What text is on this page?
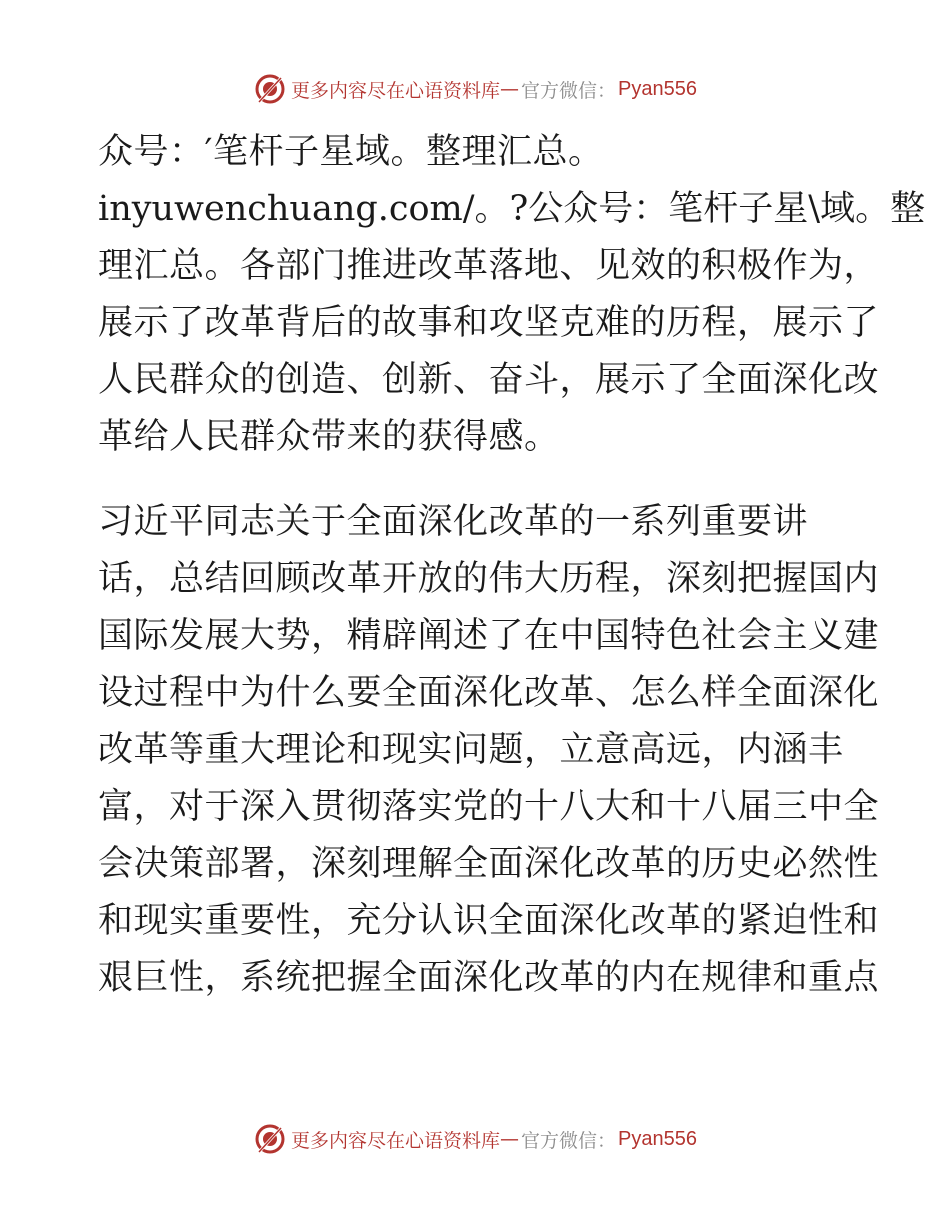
更多内容尽在心语资料库 — 官方微信： Pyan556
众号：′笔杆子星域。整理汇总。
inyuwenchuang.com/。?公众号：笔杆子星\域。整
理汇总。各部门推进改革落地、见效的积极作为，
展示了改革背后的故事和攻坚克难的历程，展示了
人民群众的创造、创新、奋斗，展示了全面深化改
革给人民群众带来的获得感。
习近平同志关于全面深化改革的一系列重要讲
话，总结回顾改革开放的伟大历程，深刻把握国内
国际发展大势，精辟阐述了在中国特色社会主义建
设过程中为什么要全面深化改革、怎么样全面深化
改革等重大理论和现实问题，立意高远，内涵丰
富，对于深入贯彻落实党的十八大和十八届三中全
会决策部署，深刻理解全面深化改革的历史必然性
和现实重要性，充分认识全面深化改革的紧迫性和
艰巨性，系统把握全面深化改革的内在规律和重点
更多内容尽在心语资料库 — 官方微信： Pyan556
